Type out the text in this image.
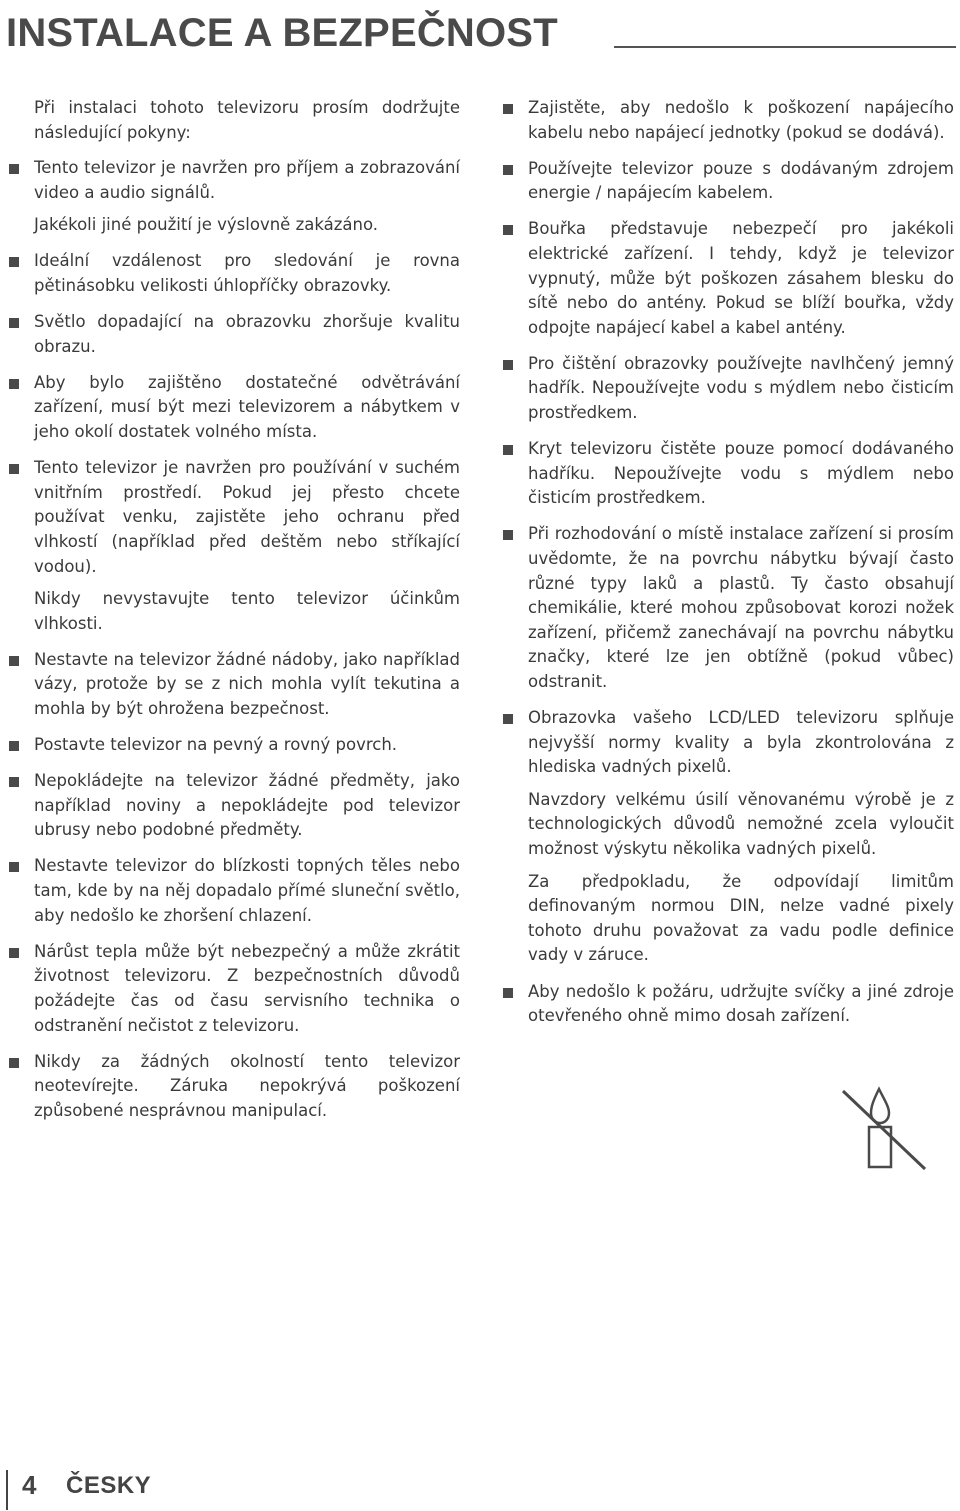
INSTALACE A BEZPEČNOST

Při instalaci tohoto televizoru prosím dodržujte následující pokyny:

Tento televizor je navržen pro příjem a zobrazování video a audio signálů.

Jakékoli jiné použití je výslovně zakázáno.

Ideální vzdálenost pro sledování je rovna pětinásobku velikosti úhlopříčky obrazovky.

Světlo dopadající na obrazovku zhoršuje kvalitu obrazu.

Aby bylo zajištěno dostatečné odvětrávání zařízení, musí být mezi televizorem a nábytkem v jeho okolí dostatek volného místa.

Tento televizor je navržen pro používání v suchém vnitřním prostředí. Pokud jej přesto chcete používat venku, zajistěte jeho ochranu před vlhkostí (například před deštěm nebo stříkající vodou).

Nikdy nevystavujte tento televizor účinkům vlhkosti.

Nestavte na televizor žádné nádoby, jako například vázy, protože by se z nich mohla vylít tekutina a mohla by být ohrožena bezpečnost.

Postavte televizor na pevný a rovný povrch.

Nepokládejte na televizor žádné předměty, jako například noviny a nepokládejte pod televizor ubrusy nebo podobné předměty.

Nestavte televizor do blízkosti topných těles nebo tam, kde by na něj dopadalo přímé sluneční světlo, aby nedošlo ke zhoršení chlazení.

Nárůst tepla může být nebezpečný a může zkrátit životnost televizoru. Z bezpečnostních důvodů požádejte čas od času servisního technika o odstranění nečistot z televizoru.

Nikdy za žádných okolností tento televizor neotevírejte. Záruka nepokrývá poškození způsobené nesprávnou manipulací.

Zajistěte, aby nedošlo k poškození napájecího kabelu nebo napájecí jednotky (pokud se dodává).

Používejte televizor pouze s dodávaným zdrojem energie / napájecím kabelem.

Bouřka představuje nebezpečí pro jakékoli elektrické zařízení. I tehdy, když je televizor vypnutý, může být poškozen zásahem blesku do sítě nebo do antény. Pokud se blíží bouřka, vždy odpojte napájecí kabel a kabel antény.

Pro čištění obrazovky používejte navlhčený jemný hadřík. Nepoužívejte vodu s mýdlem nebo čisticím prostředkem.

Kryt televizoru čistěte pouze pomocí dodávaného hadříku. Nepoužívejte vodu s mýdlem nebo čisticím prostředkem.

Při rozhodování o místě instalace zařízení si prosím uvědomte, že na povrchu nábytku bývají často různé typy laků a plastů. Ty často obsahují chemikálie, které mohou způsobovat korozi nožek zařízení, přičemž zanechávají na povrchu nábytku značky, které lze jen obtížně (pokud vůbec) odstranit.

Obrazovka vašeho LCD/LED televizoru splňuje nejvyšší normy kvality a byla zkontrolována z hlediska vadných pixelů.

Navzdory velkému úsilí věnovanému výrobě je z technologických důvodů nemožné zcela vyloučit možnost výskytu několika vadných pixelů.

Za předpokladu, že odpovídají limitům definovaným normou DIN, nelze vadné pixely tohoto druhu považovat za vadu podle definice vady v záruce.

Aby nedošlo k požáru, udržujte svíčky a jiné zdroje otevřeného ohně mimo dosah zařízení.

4 ČESKY
